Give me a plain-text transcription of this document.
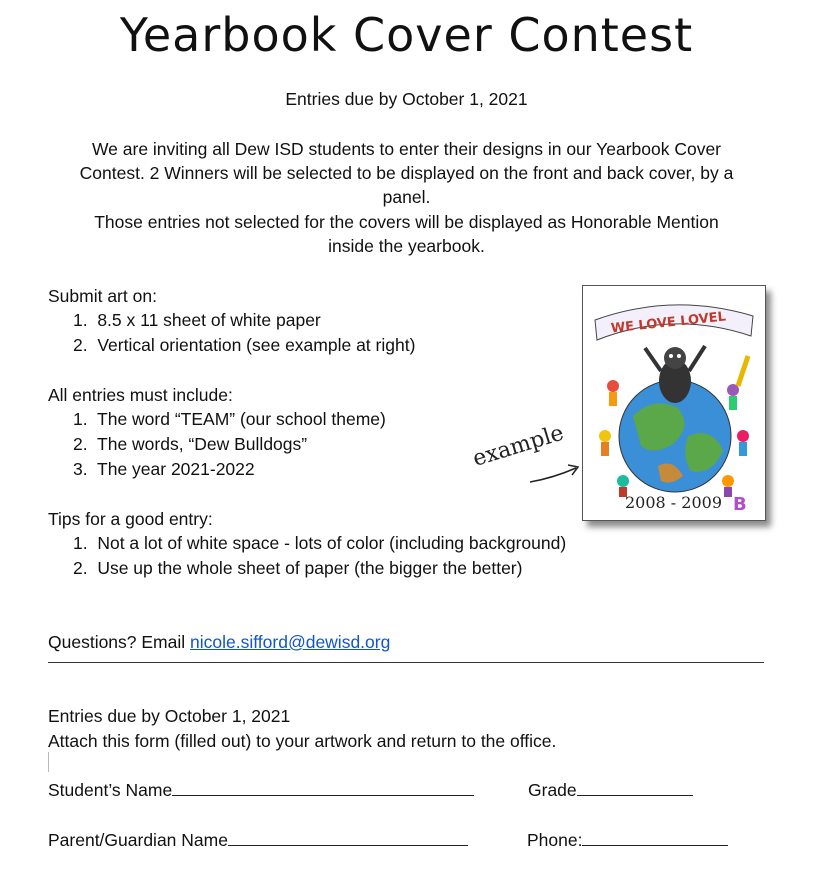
Yearbook Cover Contest
Entries due by October 1, 2021
We are inviting all Dew ISD students to enter their designs in our Yearbook Cover
Contest. 2 Winners will be selected to be displayed on the front and back cover, by a
panel.
Those entries not selected for the covers will be displayed as Honorable Mention
inside the yearbook.
Submit art on:
1.  8.5 x 11 sheet of white paper
2.  Vertical orientation (see example at right)
All entries must include:
1.  The word “TEAM” (our school theme)
2.  The words, “Dew Bulldogs”
3.  The year 2021-2022
Tips for a good entry:
1.  Not a lot of white space - lots of color (including background)
2.  Use up the whole sheet of paper (the bigger the better)
WE LOVE LOVEL
2008 - 2009 B
example
Questions? Email nicole.sifford@dewisd.org
Entries due by October 1, 2021
Attach this form (filled out) to your artwork and return to the office.
Student’s Name	Grade
Parent/Guardian Name	Phone:
